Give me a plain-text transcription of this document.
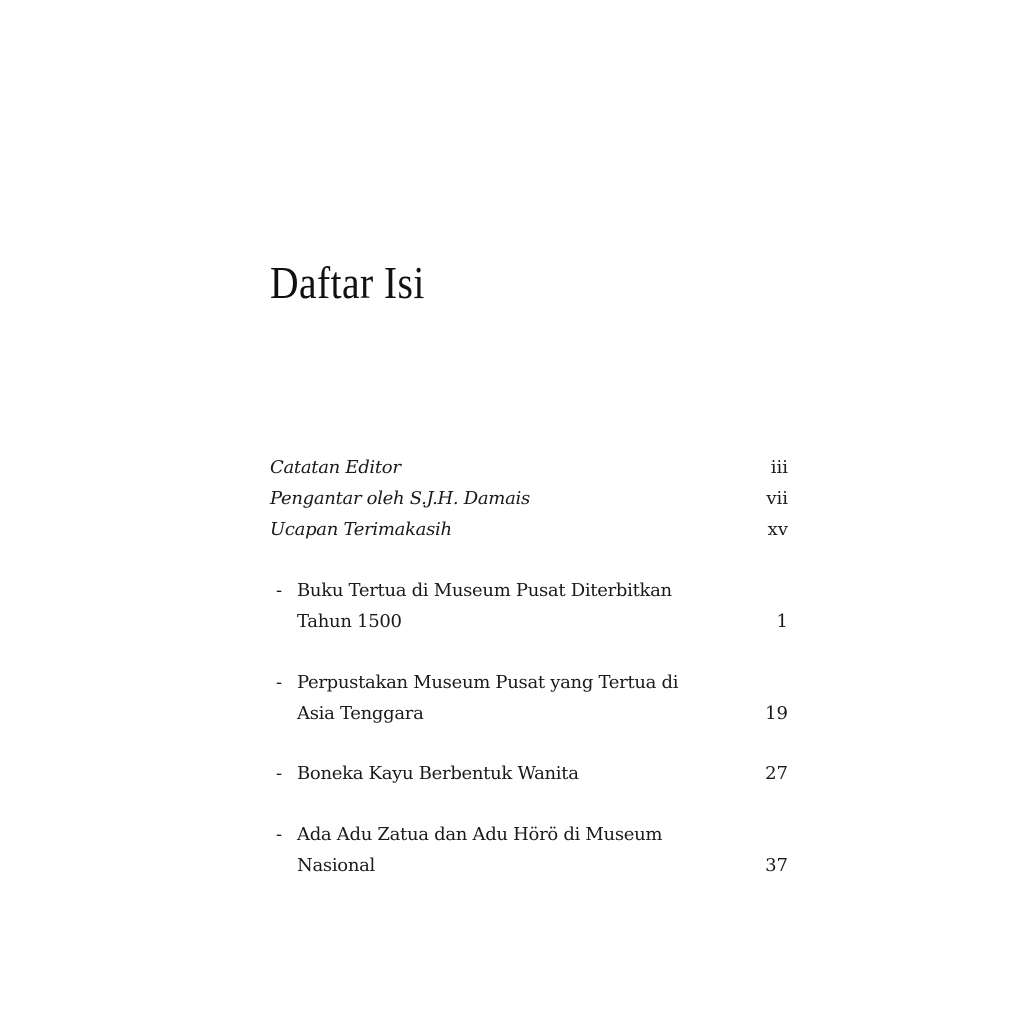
Daftar Isi
Catatan Editor	iii
Pengantar oleh S.J.H. Damais	vii
Ucapan Terimakasih	xv
- Buku Tertua di Museum Pusat Diterbitkan
Tahun 1500	1
- Perpustakan Museum Pusat yang Tertua di
Asia Tenggara	19
- Boneka Kayu Berbentuk Wanita	27
- Ada Adu Zatua dan Adu Hörö di Museum
Nasional	37
